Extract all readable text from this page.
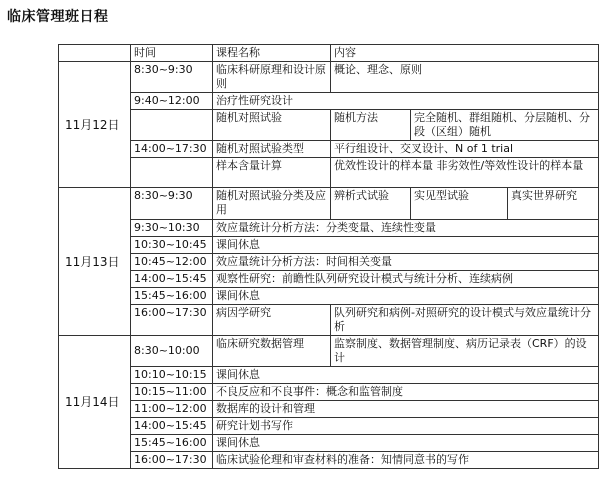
临床管理班日程
	时间	课程名称	内容		
11月12日	8:30~9:30	临床科研原理和设计原则	概论、理念、原则		
	9:40~12:00	治疗性研究设计			
		随机对照试验	随机方法	完全随机、群组随机、分层随机、分段（区组）随机	
	14:00~17:30	随机对照试验类型	平行组设计、交叉设计、N of 1 trial		
		样本含量计算	优效性设计的样本量 非劣效性/等效性设计的样本量		
11月13日	8:30~9:30	随机对照试验分类及应用	辨析式试验	实见型试验	真实世界研究
	9:30~10:30	效应量统计分析方法：分类变量、连续性变量			
	10:30~10:45	课间休息			
	10:45~12:00	效应量统计分析方法：时间相关变量			
	14:00~15:45	观察性研究：前瞻性队列研究设计模式与统计分析、连续病例			
	15:45~16:00	课间休息			
	16:00~17:30	病因学研究	队列研究和病例-对照研究的设计模式与效应量统计分析		
11月14日	8:30~10:00	临床研究数据管理	监察制度、数据管理制度、病历记录表（CRF）的设计		
	10:10~10:15	课间休息			
	10:15~11:00	不良反应和不良事件：概念和监管制度			
	11:00~12:00	数据库的设计和管理			
	14:00~15:45	研究计划书写作			
	15:45~16:00	课间休息			
	16:00~17:30	临床试验伦理和审查材料的准备：知情同意书的写作			
